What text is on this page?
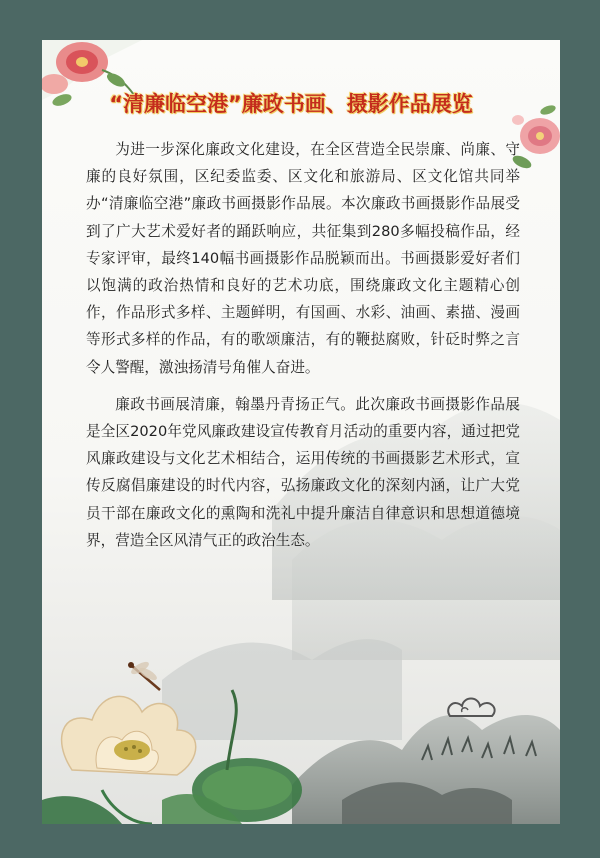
“清廉临空港”廉政书画、摄影作品展览

为进一步深化廉政文化建设，在全区营造全民崇廉、尚廉、守廉的良好氛围，区纪委监委、区文化和旅游局、区文化馆共同举办“清廉临空港”廉政书画摄影作品展。本次廉政书画摄影作品展受到了广大艺术爱好者的踊跃响应，共征集到280多幅投稿作品，经专家评审，最终140幅书画摄影作品脱颖而出。书画摄影爱好者们以饱满的政治热情和良好的艺术功底，围绕廉政文化主题精心创作，作品形式多样、主题鲜明，有国画、水彩、油画、素描、漫画等形式多样的作品，有的歌颂廉洁，有的鞭挞腐败，针砭时弊之言令人警醒，激浊扬清号角催人奋进。

廉政书画展清廉，翰墨丹青扬正气。此次廉政书画摄影作品展是全区2020年党风廉政建设宣传教育月活动的重要内容，通过把党风廉政建设与文化艺术相结合，运用传统的书画摄影艺术形式，宣传反腐倡廉建设的时代内容，弘扬廉政文化的深刻内涵，让广大党员干部在廉政文化的熏陶和洗礼中提升廉洁自律意识和思想道德境界，营造全区风清气正的政治生态。
